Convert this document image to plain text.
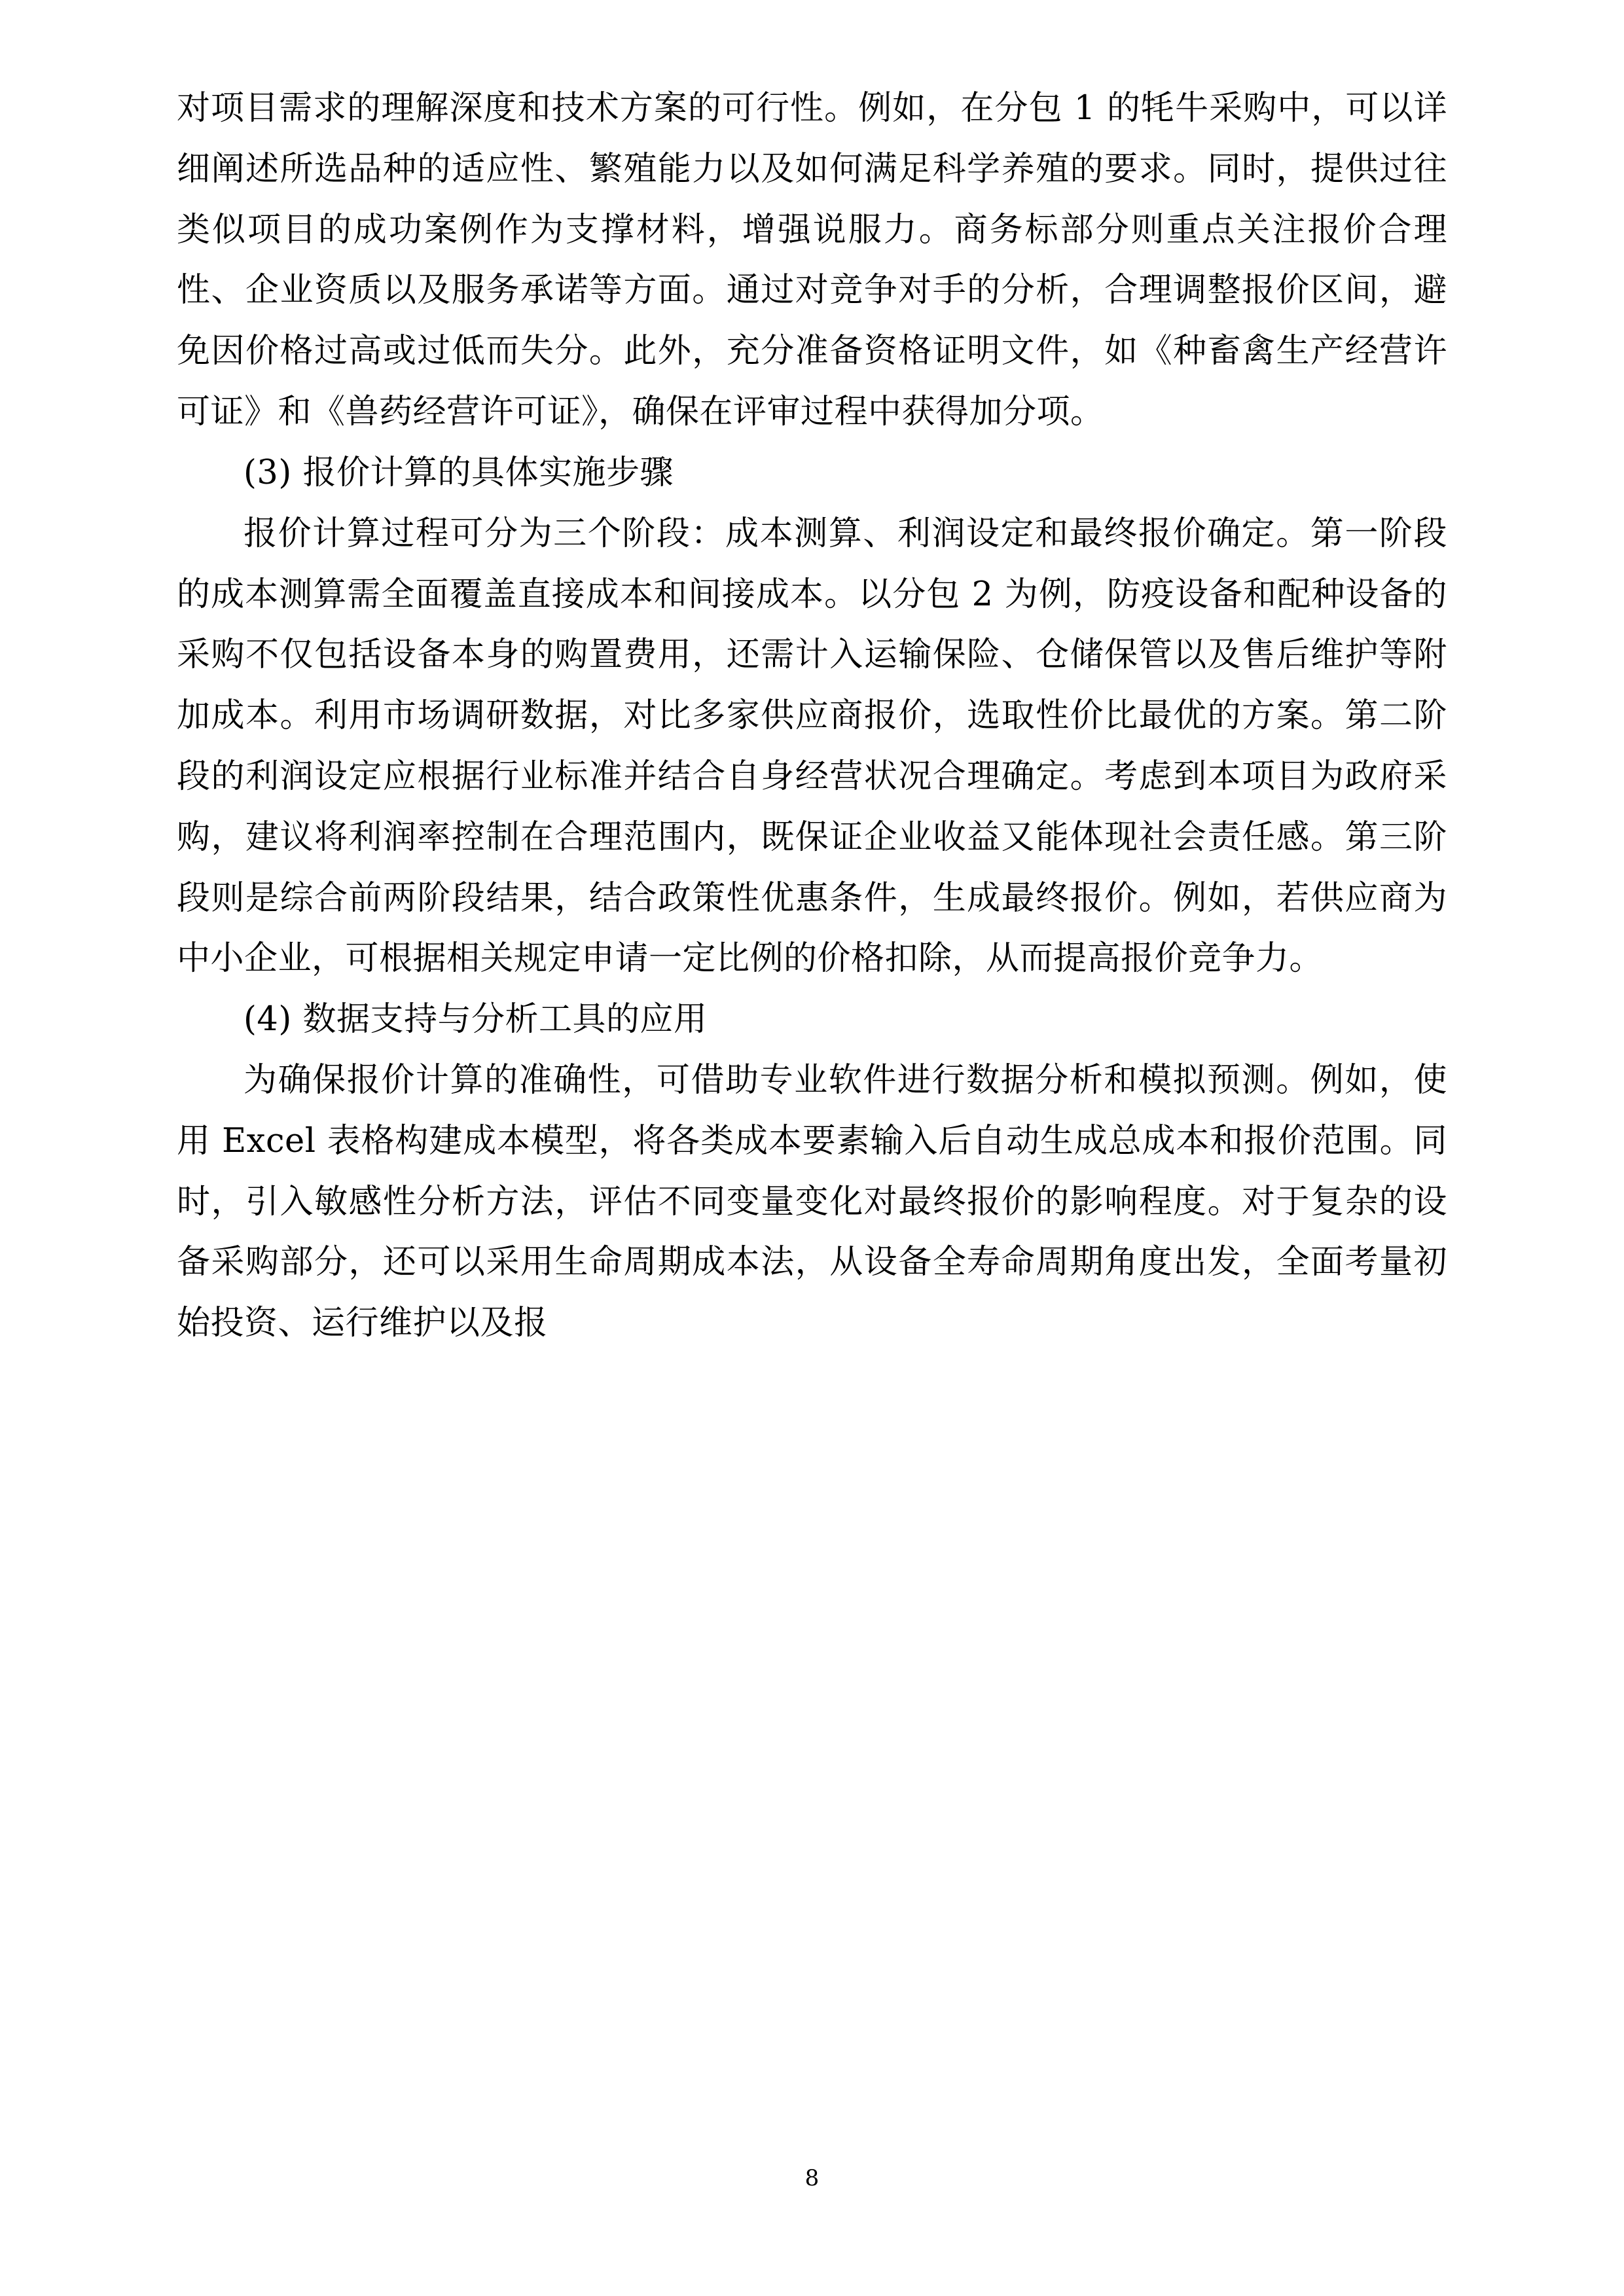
对项目需求的理解深度和技术方案的可行性。例如，在分包 1 的牦牛采购中，可以详细阐述所选品种的适应性、繁殖能力以及如何满足科学养殖的要求。同时，提供过往类似项目的成功案例作为支撑材料，增强说服力。商务标部分则重点关注报价合理性、企业资质以及服务承诺等方面。通过对竞争对手的分析，合理调整报价区间，避免因价格过高或过低而失分。此外，充分准备资格证明文件，如《种畜禽生产经营许可证》和《兽药经营许可证》，确保在评审过程中获得加分项。

(3) 报价计算的具体实施步骤

报价计算过程可分为三个阶段：成本测算、利润设定和最终报价确定。第一阶段的成本测算需全面覆盖直接成本和间接成本。以分包 2 为例，防疫设备和配种设备的采购不仅包括设备本身的购置费用，还需计入运输保险、仓储保管以及售后维护等附加成本。利用市场调研数据，对比多家供应商报价，选取性价比最优的方案。第二阶段的利润设定应根据行业标准并结合自身经营状况合理确定。考虑到本项目为政府采购，建议将利润率控制在合理范围内，既保证企业收益又能体现社会责任感。第三阶段则是综合前两阶段结果，结合政策性优惠条件，生成最终报价。例如，若供应商为中小企业，可根据相关规定申请一定比例的价格扣除，从而提高报价竞争力。

(4) 数据支持与分析工具的应用

为确保报价计算的准确性，可借助专业软件进行数据分析和模拟预测。例如，使用 Excel 表格构建成本模型，将各类成本要素输入后自动生成总成本和报价范围。同时，引入敏感性分析方法，评估不同变量变化对最终报价的影响程度。对于复杂的设备采购部分，还可以采用生命周期成本法，从设备全寿命周期角度出发，全面考量初始投资、运行维护以及报

8
